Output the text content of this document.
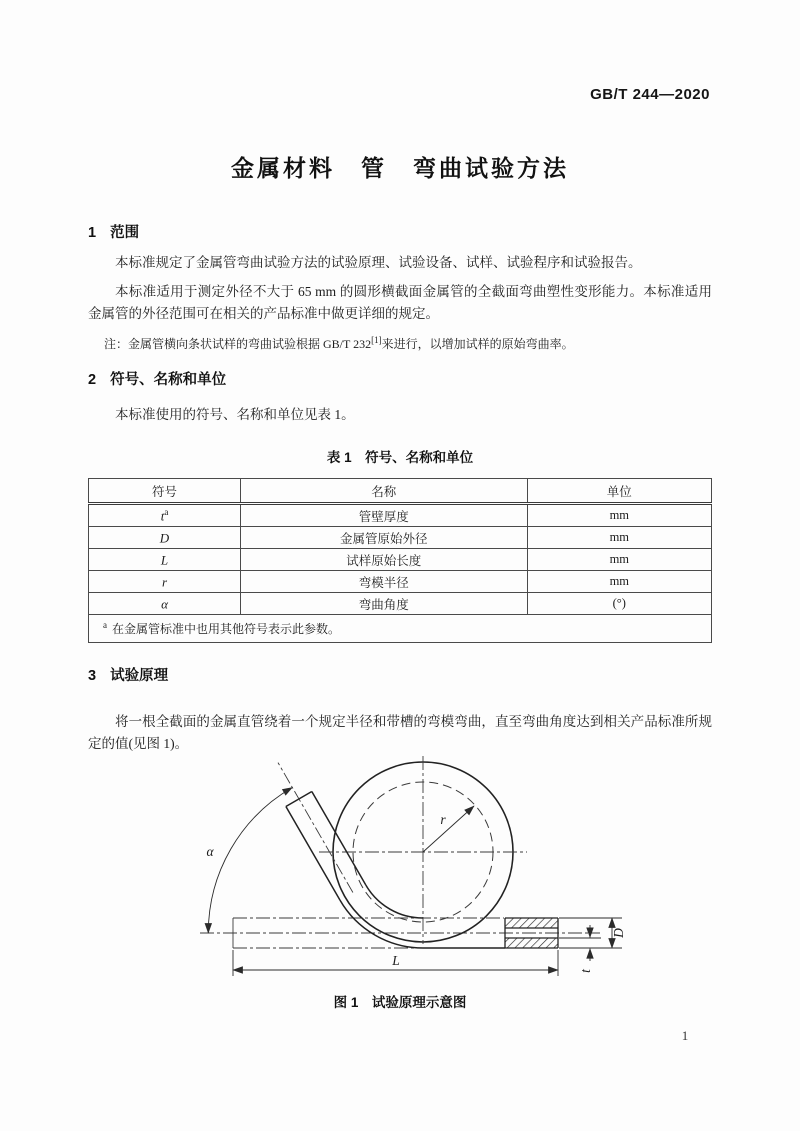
GB/T 244—2020
金属材料　管　弯曲试验方法
1 范围

本标准规定了金属管弯曲试验方法的试验原理、试验设备、试样、试验程序和试验报告。

本标准适用于测定外径不大于 65 mm 的圆形横截面金属管的全截面弯曲塑性变形能力。本标准适用金属管的外径范围可在相关的产品标准中做更详细的规定。

注：金属管横向条状试样的弯曲试验根据 GB/T 232[1]来进行，以增加试样的原始弯曲率。

2 符号、名称和单位

本标准使用的符号、名称和单位见表 1。

表 1　符号、名称和单位
符号	名称	单位
$t^a$	管壁厚度	mm
D	金属管原始外径	mm
L	试样原始长度	mm
r	弯模半径	mm
α	弯曲角度	(°)
$^a$ 在金属管标准中也用其他符号表示此参数。		
3 试验原理

将一根全截面的金属直管绕着一个规定半径和带槽的弯模弯曲，直至弯曲角度达到相关产品标准所规定的值(见图 1)。

α
r
L
D
t
图 1　试验原理示意图
1
